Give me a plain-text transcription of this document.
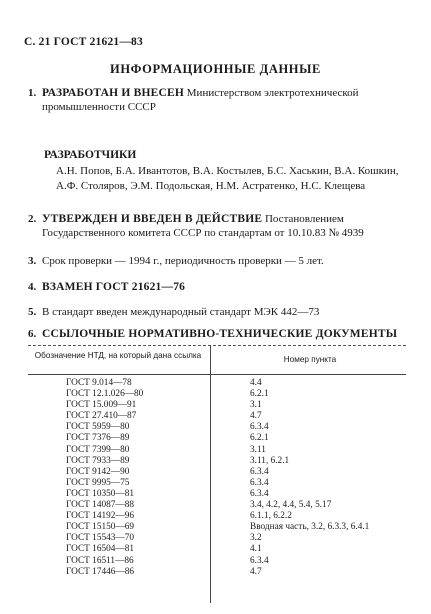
С. 21 ГОСТ 21621—83
ИНФОРМАЦИОННЫЕ ДАННЫЕ
1. РАЗРАБОТАН И ВНЕСЕН Министерством электротехнической промышленности СССР
РАЗРАБОТЧИКИ
А.Н. Попов, Б.А. Ивантотов, В.А. Костылев, Б.С. Хаськин, В.А. Кошкин, А.Ф. Столяров, Э.М. Подольская, Н.М. Астратенко, Н.С. Клещева
2. УТВЕРЖДЕН И ВВЕДЕН В ДЕЙСТВИЕ Постановлением Государственного комитета СССР по стандартам от 10.10.83 № 4939
3. Срок проверки — 1994 г., периодичность проверки — 5 лет.
4. ВЗАМЕН ГОСТ 21621—76
5. В стандарт введен международный стандарт МЭК 442—73
6. ССЫЛОЧНЫЕ НОРМАТИВНО-ТЕХНИЧЕСКИЕ ДОКУМЕНТЫ
Обозначение НТД, на который дана ссылка	Номер пункта
ГОСТ 9.014—78	4.4
ГОСТ 12.1.026—80	6.2.1
ГОСТ 15.009—91	3.1
ГОСТ 27.410—87	4.7
ГОСТ 5959—80	6.3.4
ГОСТ 7376—89	6.2.1
ГОСТ 7399—80	3.11
ГОСТ 7933—89	3.11, 6.2.1
ГОСТ 9142—90	6.3.4
ГОСТ 9995—75	6.3.4
ГОСТ 10350—81	6.3.4
ГОСТ 14087—88	3.4, 4.2, 4.4, 5.4, 5.17
ГОСТ 14192—96	6.1.1, 6.2.2
ГОСТ 15150—69	Вводная часть, 3.2, 6.3.3, 6.4.1
ГОСТ 15543—70	3.2
ГОСТ 16504—81	4.1
ГОСТ 16511—86	6.3.4
ГОСТ 17446—86	4.7
